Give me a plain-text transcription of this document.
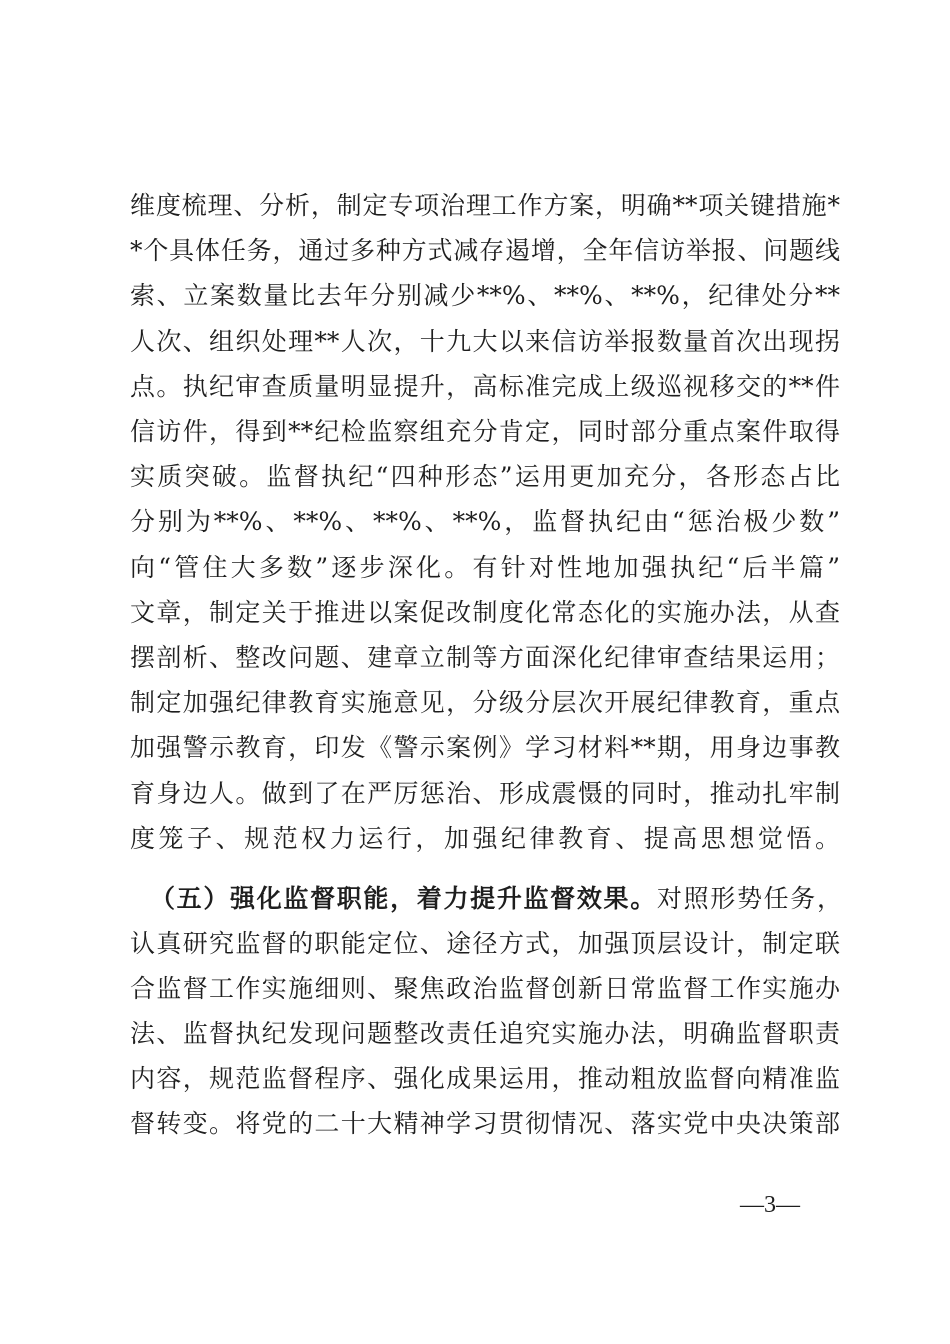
维度梳理、分析，制定专项治理工作方案，明确**项关键措施*
*个具体任务，通过多种方式减存遏增，全年信访举报、问题线
索、立案数量比去年分别减少**%、**%、**%，纪律处分**
人次、组织处理**人次，十九大以来信访举报数量首次出现拐
点。执纪审查质量明显提升，高标准完成上级巡视移交的**件
信访件，得到**纪检监察组充分肯定，同时部分重点案件取得
实质突破。监督执纪“四种形态”运用更加充分，各形态占比
分别为**%、**%、**%、**%，监督执纪由“惩治极少数”
向“管住大多数”逐步深化。有针对性地加强执纪“后半篇”
文章，制定关于推进以案促改制度化常态化的实施办法，从查
摆剖析、整改问题、建章立制等方面深化纪律审查结果运用；
制定加强纪律教育实施意见，分级分层次开展纪律教育，重点
加强警示教育，印发《警示案例》学习材料**期，用身边事教
育身边人。做到了在严厉惩治、形成震慑的同时，推动扎牢制
度笼子、规范权力运行，加强纪律教育、提高思想觉悟。
（五）强化监督职能，着力提升监督效果。对照形势任务，
认真研究监督的职能定位、途径方式，加强顶层设计，制定联
合监督工作实施细则、聚焦政治监督创新日常监督工作实施办
法、监督执纪发现问题整改责任追究实施办法，明确监督职责
内容，规范监督程序、强化成果运用，推动粗放监督向精准监
督转变。将党的二十大精神学习贯彻情况、落实党中央决策部
—3—
